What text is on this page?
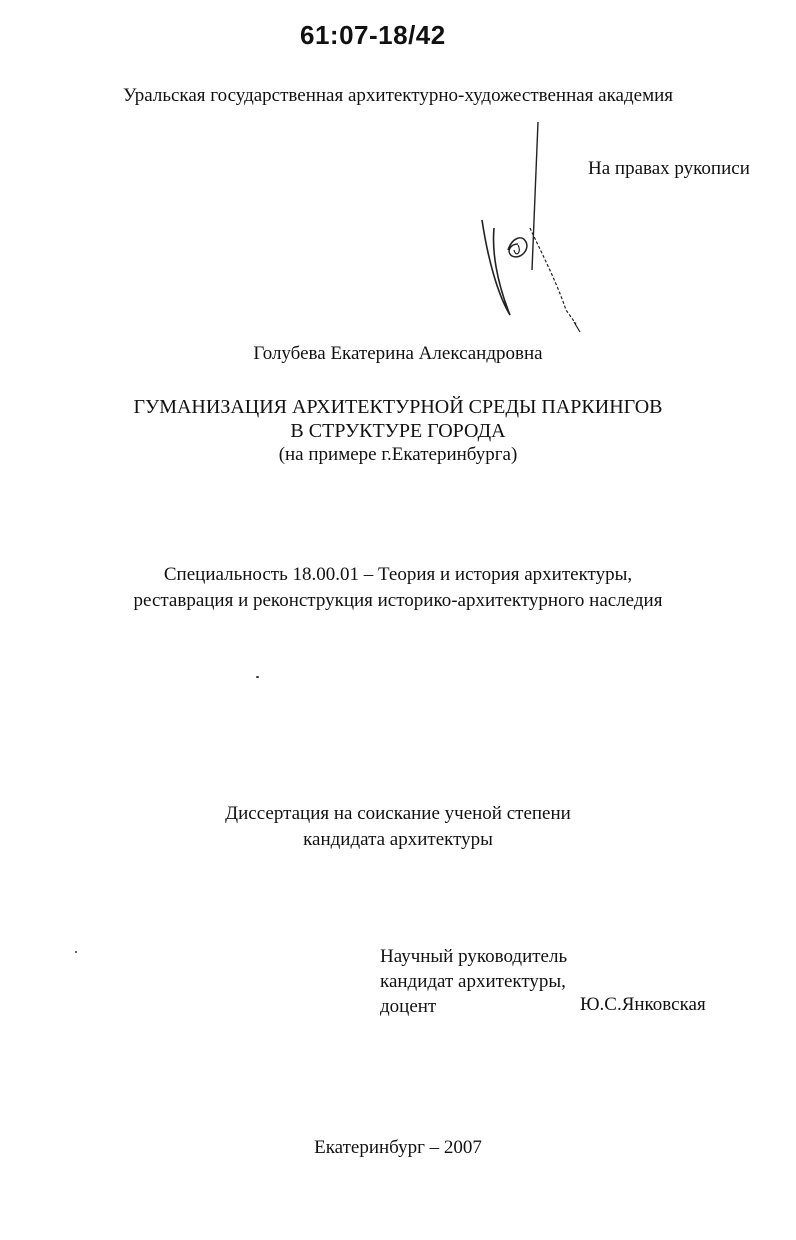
61:07-18/42
Уральская государственная архитектурно-художественная академия
На правах рукописи
Голубева Екатерина Александровна
ГУМАНИЗАЦИЯ АРХИТЕКТУРНОЙ СРЕДЫ ПАРКИНГОВ
В СТРУКТУРЕ ГОРОДА
(на примере г.Екатеринбурга)
Специальность 18.00.01 – Теория и история архитектуры,
реставрация и реконструкция историко-архитектурного наследия
Диссертация на соискание ученой степени
кандидата архитектуры
Научный руководитель
кандидат архитектуры,
доцент	Ю.С.Янковская
Екатеринбург – 2007
